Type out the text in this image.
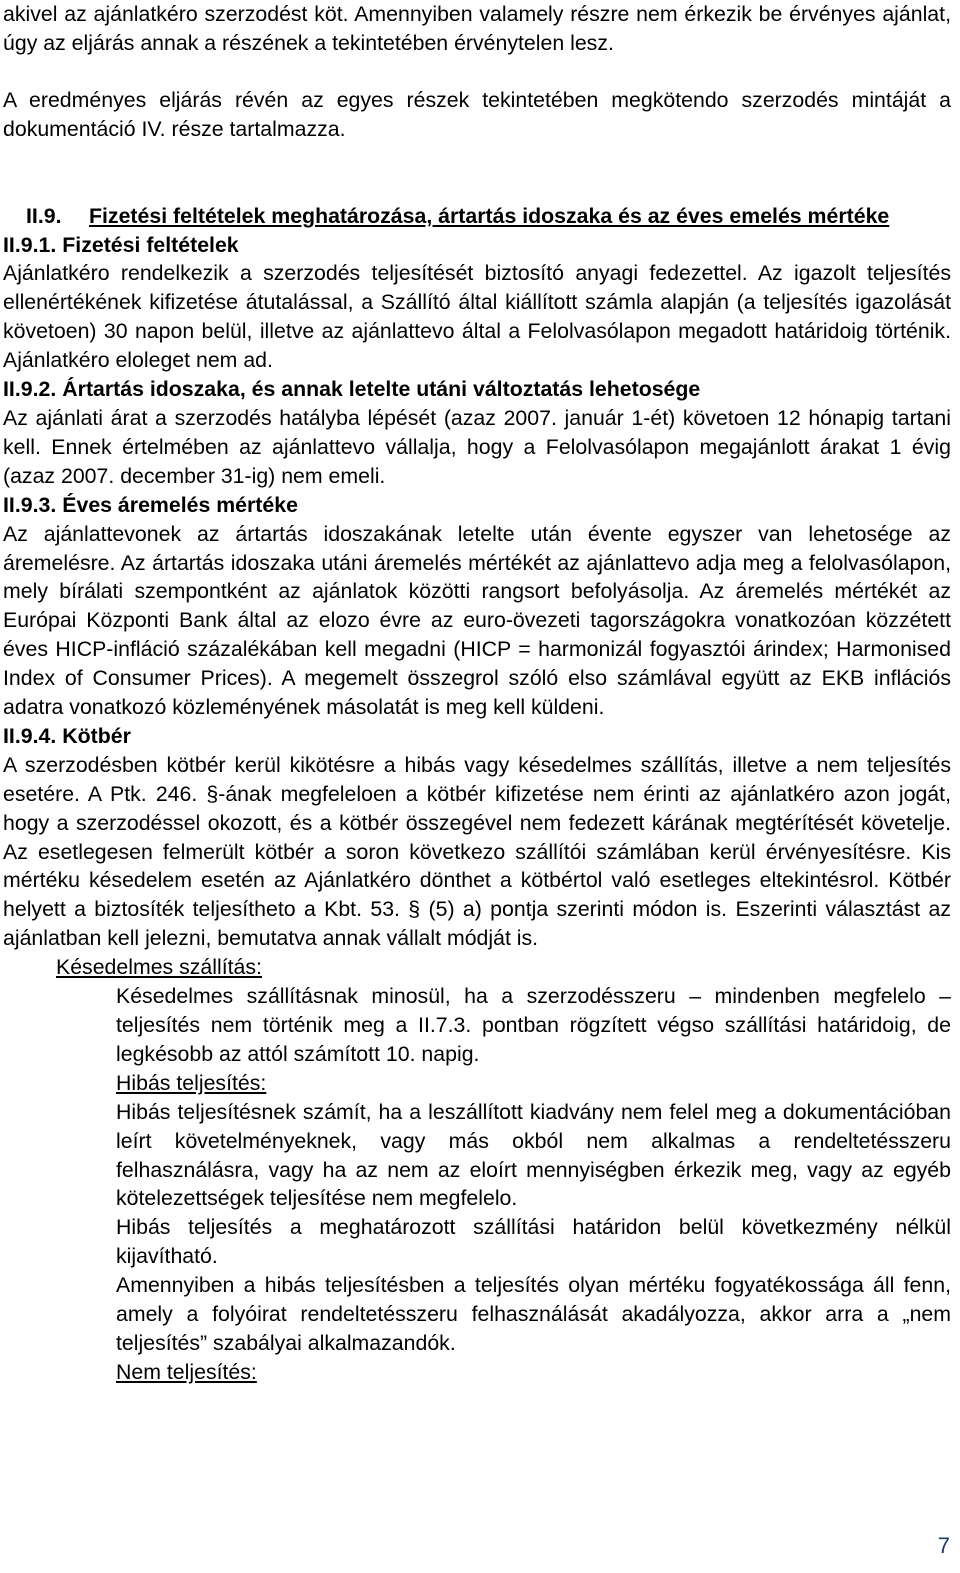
akivel az ajánlatkéro szerzodést köt. Amennyiben valamely részre nem érkezik be érvényes ajánlat, úgy az eljárás annak a részének a tekintetében érvénytelen lesz.

A eredményes eljárás révén az egyes részek tekintetében megkötendo szerzodés mintáját a dokumentáció IV. része tartalmazza.

II.9.	Fizetési feltételek meghatározása, ártartás idoszaka és az éves emelés mértéke
II.9.1. Fizetési feltételek

Ajánlatkéro rendelkezik a szerzodés teljesítését biztosító anyagi fedezettel. Az igazolt teljesítés ellenértékének kifizetése átutalással, a Szállító által kiállított számla alapján (a teljesítés igazolását követoen) 30 napon belül, illetve az ajánlattevo által a Felolvasólapon megadott határidoig történik. Ajánlatkéro eloleget nem ad.

II.9.2. Ártartás idoszaka, és annak letelte utáni változtatás lehetosége

Az ajánlati árat a szerzodés hatályba lépését (azaz 2007. január 1-ét) követoen 12 hónapig tartani kell. Ennek értelmében az ajánlattevo vállalja, hogy a Felolvasólapon megajánlott árakat 1 évig (azaz 2007. december 31-ig) nem emeli.

II.9.3. Éves áremelés mértéke

Az ajánlattevonek az ártartás idoszakának letelte után évente egyszer van lehetosége az áremelésre. Az ártartás idoszaka utáni áremelés mértékét az ajánlattevo adja meg a felolvasólapon, mely bírálati szempontként az ajánlatok közötti rangsort befolyásolja. Az áremelés mértékét az Európai Központi Bank által az elozo évre az euro-övezeti tagországokra vonatkozóan közzétett éves HICP-infláció százalékában kell megadni (HICP = harmonizál fogyasztói árindex; Harmonised Index of Consumer Prices). A megemelt összegrol szóló elso számlával együtt az EKB inflációs adatra vonatkozó közleményének másolatát is meg kell küldeni.

II.9.4. Kötbér

A szerzodésben kötbér kerül kikötésre a hibás vagy késedelmes szállítás, illetve a nem teljesítés esetére. A Ptk. 246. §-ának megfeleloen a kötbér kifizetése nem érinti az ajánlatkéro azon jogát, hogy a szerzodéssel okozott, és a kötbér összegével nem fedezett kárának megtérítését követelje. Az esetlegesen felmerült kötbér a soron következo szállítói számlában kerül érvényesítésre. Kis mértéku késedelem esetén az Ajánlatkéro dönthet a kötbértol való esetleges eltekintésrol. Kötbér helyett a biztosíték teljesítheto a Kbt. 53. § (5) a) pontja szerinti módon is. Eszerinti választást az ajánlatban kell jelezni, bemutatva annak vállalt módját is.

Késedelmes szállítás:

Késedelmes szállításnak minosül, ha a szerzodésszeru – mindenben megfelelo – teljesítés nem történik meg a II.7.3. pontban rögzített végso szállítási határidoig, de legkésobb az attól számított 10. napig.

Hibás teljesítés:

Hibás teljesítésnek számít, ha a leszállított kiadvány nem felel meg a dokumentációban leírt követelményeknek, vagy más okból nem alkalmas a rendeltetésszeru felhasználásra, vagy ha az nem az eloírt mennyiségben érkezik meg, vagy az egyéb kötelezettségek teljesítése nem megfelelo.

Hibás teljesítés a meghatározott szállítási határidon belül következmény nélkül kijavítható.

Amennyiben a hibás teljesítésben a teljesítés olyan mértéku fogyatékossága áll fenn, amely a folyóirat rendeltetésszeru felhasználását akadályozza, akkor arra a „nem teljesítés” szabályai alkalmazandók.

Nem teljesítés:
7
